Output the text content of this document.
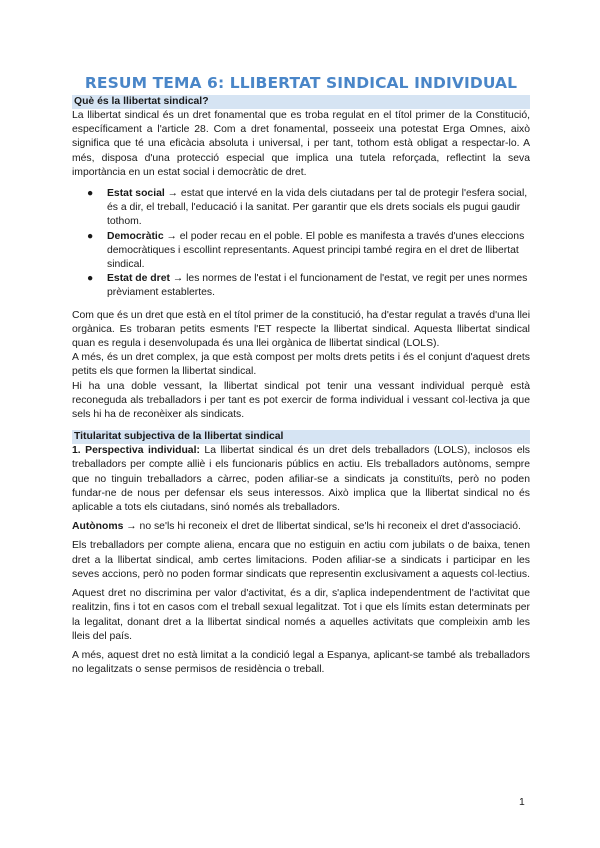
RESUM TEMA 6: LLIBERTAT SINDICAL INDIVIDUAL
Què és la llibertat sindical?

La llibertat sindical és un dret fonamental que es troba regulat en el títol primer de la Constitució, específicament a l'article 28. Com a dret fonamental, posseeix una potestat Erga Omnes, això significa que té una eficàcia absoluta i universal, i per tant, tothom està obligat a respectar-lo. A més, disposa d'una protecció especial que implica una tutela reforçada, reflectint la seva importància en un estat social i democràtic de dret.

● Estat social → estat que intervé en la vida dels ciutadans per tal de protegir l'esfera social, és a dir, el treball, l'educació i la sanitat. Per garantir que els drets socials els pugui gaudir tothom.
● Democràtic → el poder recau en el poble. El poble es manifesta a través d'unes eleccions democràtiques i escollint representants. Aquest principi també regira en el dret de llibertat sindical.
● Estat de dret → les normes de l'estat i el funcionament de l'estat, ve regit per unes normes prèviament establertes.

Com que és un dret que està en el títol primer de la constitució, ha d'estar regulat a través d'una llei orgànica. Es trobaran petits esments l'ET respecte la llibertat sindical. Aquesta llibertat sindical quan es regula i desenvolupada és una llei orgànica de llibertat sindical (LOLS).

A més, és un dret complex, ja que està compost per molts drets petits i és el conjunt d'aquest drets petits els que formen la llibertat sindical.

Hi ha una doble vessant, la llibertat sindical pot tenir una vessant individual perquè està reconeguda als treballadors i per tant es pot exercir de forma individual i vessant col·lectiva ja que sels hi ha de reconèixer als sindicats.

Titularitat subjectiva de la llibertat sindical

1. Perspectiva individual: La llibertat sindical és un dret dels treballadors (LOLS), inclosos els treballadors per compte alliè i els funcionaris públics en actiu. Els treballadors autònoms, sempre que no tinguin treballadors a càrrec, poden afiliar-se a sindicats ja constituïts, però no poden fundar-ne de nous per defensar els seus interessos. Això implica que la llibertat sindical no és aplicable a tots els ciutadans, sinó només als treballadors.

Autònoms → no se'ls hi reconeix el dret de llibertat sindical, se'ls hi reconeix el dret d'associació.

Els treballadors per compte aliena, encara que no estiguin en actiu com jubilats o de baixa, tenen dret a la llibertat sindical, amb certes limitacions. Poden afiliar-se a sindicats i participar en les seves accions, però no poden formar sindicats que representin exclusivament a aquests col·lectius.

Aquest dret no discrimina per valor d'activitat, és a dir, s'aplica independentment de l'activitat que realitzin, fins i tot en casos com el treball sexual legalitzat. Tot i que els límits estan determinats per la legalitat, donant dret a la llibertat sindical només a aquelles activitats que compleixin amb les lleis del país.

A més, aquest dret no està limitat a la condició legal a Espanya, aplicant-se també als treballadors no legalitzats o sense permisos de residència o treball.

1
